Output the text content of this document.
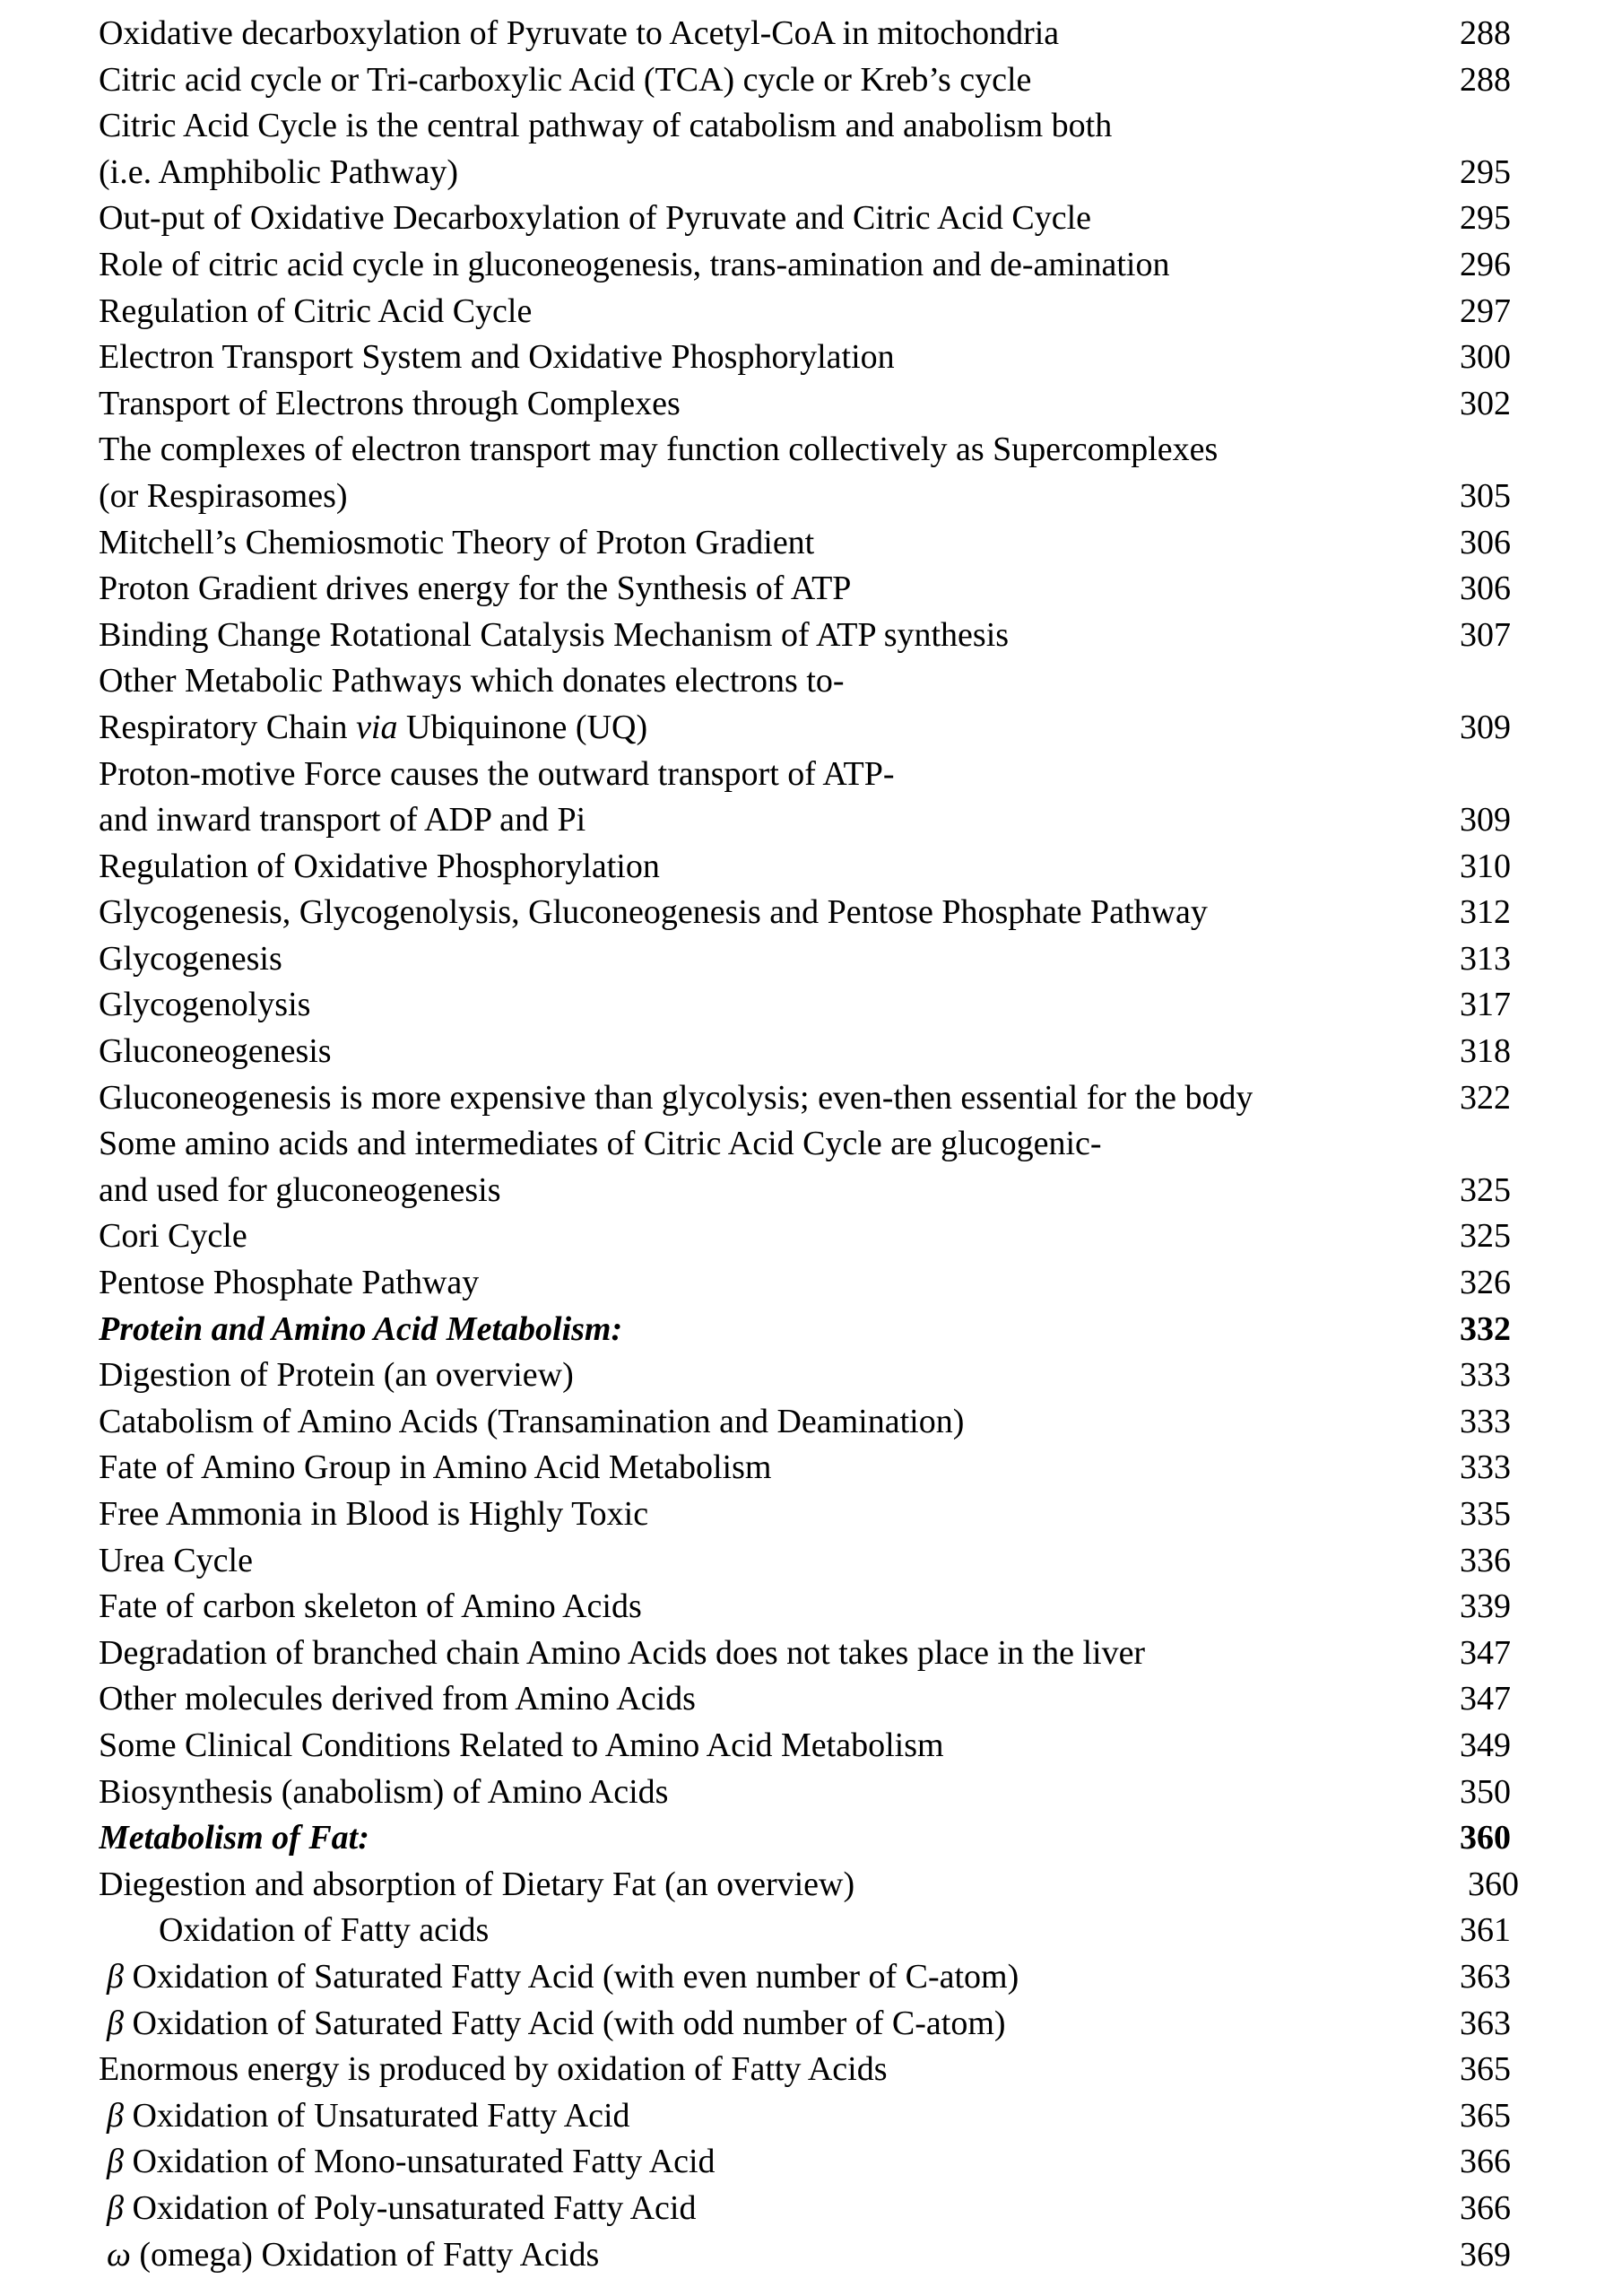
Oxidative decarboxylation of Pyruvate to Acetyl-CoA in mitochondria	288
Citric acid cycle or Tri-carboxylic Acid (TCA) cycle or Kreb’s cycle	288
Citric Acid Cycle is the central pathway of catabolism and anabolism both
(i.e. Amphibolic Pathway)	295
Out-put of Oxidative Decarboxylation of Pyruvate and Citric Acid Cycle	295
Role of citric acid cycle in gluconeogenesis, trans-amination and de-amination	296
Regulation of Citric Acid Cycle	297
Electron Transport System and Oxidative Phosphorylation	300
Transport of Electrons through Complexes	302
The complexes of electron transport may function collectively as Supercomplexes
(or Respirasomes)	305
Mitchell’s Chemiosmotic Theory of Proton Gradient	306
Proton Gradient drives energy for the Synthesis of ATP	306
Binding Change Rotational Catalysis Mechanism of ATP synthesis	307
Other Metabolic Pathways which donates electrons to-
Respiratory Chain via Ubiquinone (UQ)	309
Proton-motive Force causes the outward transport of ATP-
and inward transport of ADP and Pi	309
Regulation of Oxidative Phosphorylation	310
Glycogenesis, Glycogenolysis, Gluconeogenesis and Pentose Phosphate Pathway	312
Glycogenesis	313
Glycogenolysis	317
Gluconeogenesis	318
Gluconeogenesis is more expensive than glycolysis; even-then essential for the body	322
Some amino acids and intermediates of Citric Acid Cycle are glucogenic-
and used for gluconeogenesis	325
Cori Cycle	325
Pentose Phosphate Pathway	326
Protein and Amino Acid Metabolism:	332
Digestion of Protein (an overview)	333
Catabolism of Amino Acids (Transamination and Deamination)	333
Fate of Amino Group in Amino Acid Metabolism	333
Free Ammonia in Blood is Highly Toxic	335
Urea Cycle	336
Fate of carbon skeleton of Amino Acids	339
Degradation of branched chain Amino Acids does not takes place in the liver	347
Other molecules derived from Amino Acids	347
Some Clinical Conditions Related to Amino Acid Metabolism	349
Biosynthesis (anabolism) of Amino Acids	350
Metabolism of Fat:	360
Diegestion and absorption of Dietary Fat (an overview)	360
Oxidation of Fatty acids	361
β Oxidation of Saturated Fatty Acid (with even number of C-atom)	363
β Oxidation of Saturated Fatty Acid (with odd number of C-atom)	363
Enormous energy is produced by oxidation of Fatty Acids	365
β Oxidation of Unsaturated Fatty Acid	365
β Oxidation of Mono-unsaturated Fatty Acid	366
β Oxidation of Poly-unsaturated Fatty Acid	366
ω (omega) Oxidation of Fatty Acids	369
